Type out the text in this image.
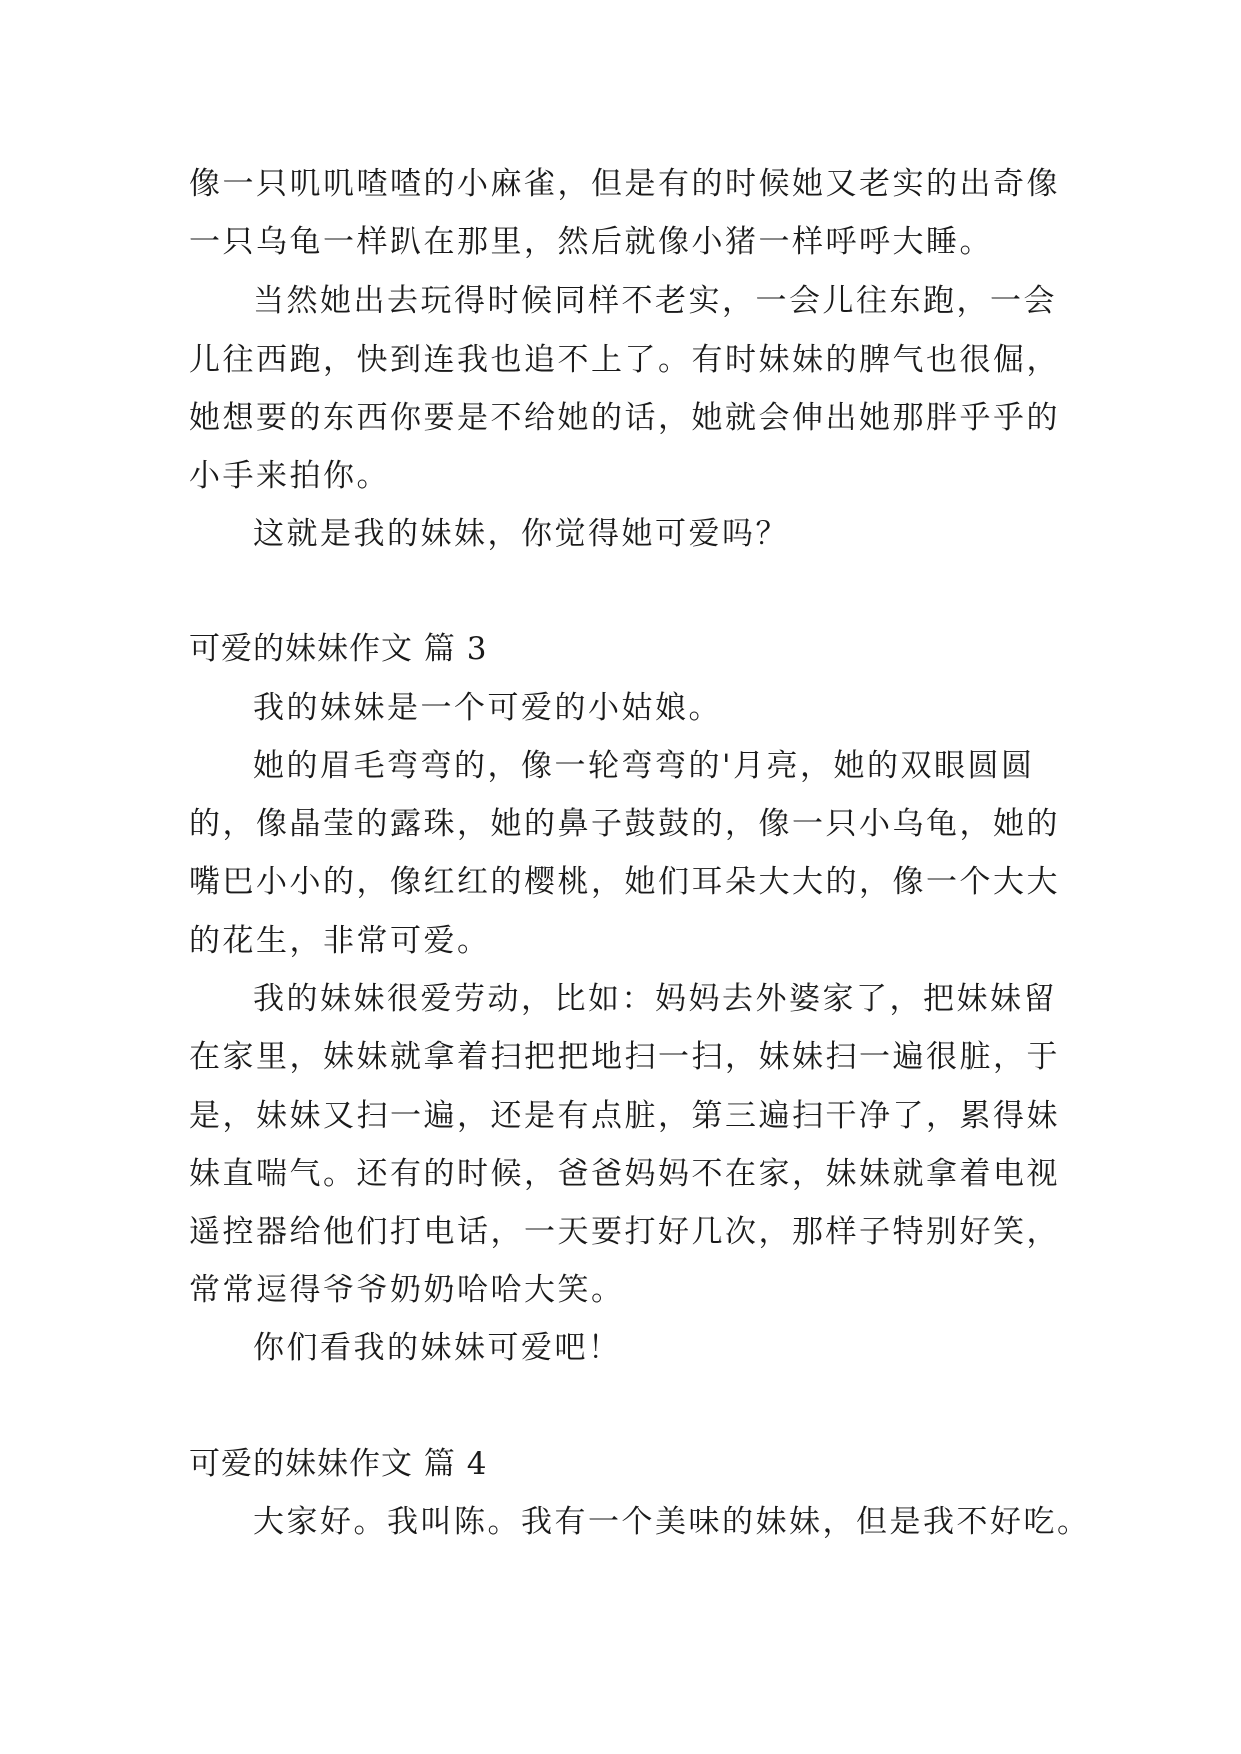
像一只叽叽喳喳的小麻雀，但是有的时候她又老实的出奇像
一只乌龟一样趴在那里，然后就像小猪一样呼呼大睡。
当然她出去玩得时候同样不老实，一会儿往东跑，一会
儿往西跑，快到连我也追不上了。有时妹妹的脾气也很倔，
她想要的东西你要是不给她的话，她就会伸出她那胖乎乎的
小手来拍你。
这就是我的妹妹，你觉得她可爱吗？
可爱的妹妹作文 篇 3
我的妹妹是一个可爱的小姑娘。
她的眉毛弯弯的，像一轮弯弯的'月亮，她的双眼圆圆
的，像晶莹的露珠，她的鼻子鼓鼓的，像一只小乌龟，她的
嘴巴小小的，像红红的樱桃，她们耳朵大大的，像一个大大
的花生，非常可爱。
我的妹妹很爱劳动，比如：妈妈去外婆家了，把妹妹留
在家里，妹妹就拿着扫把把地扫一扫，妹妹扫一遍很脏，于
是，妹妹又扫一遍，还是有点脏，第三遍扫干净了，累得妹
妹直喘气。还有的时候，爸爸妈妈不在家，妹妹就拿着电视
遥控器给他们打电话，一天要打好几次，那样子特别好笑，
常常逗得爷爷奶奶哈哈大笑。
你们看我的妹妹可爱吧！
可爱的妹妹作文 篇 4
大家好。我叫陈。我有一个美味的妹妹，但是我不好吃。
